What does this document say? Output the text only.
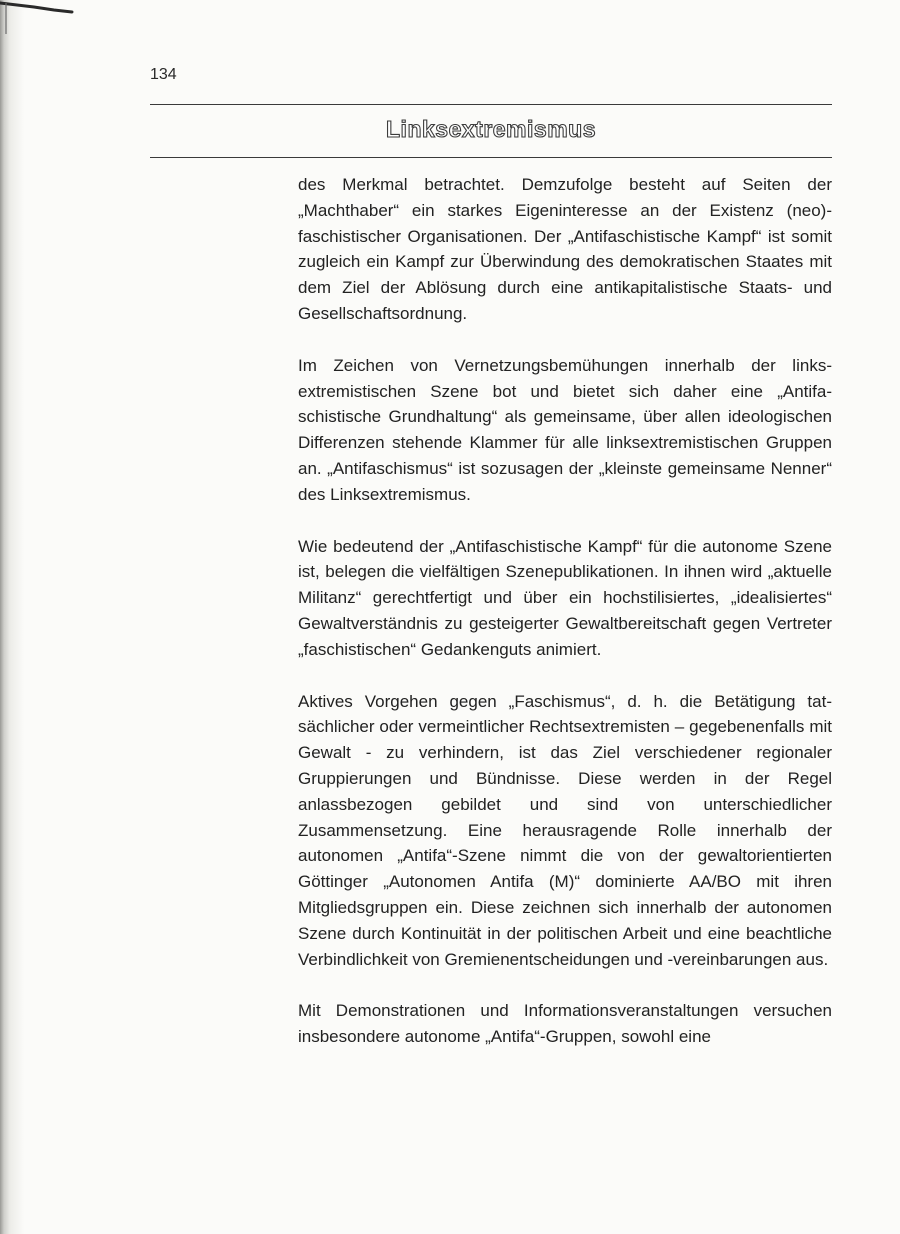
134
Linksextremismus

des Merkmal betrachtet. Demzufolge besteht auf Seiten der „Machthaber“ ein starkes Eigeninteresse an der Existenz (neo)-faschistischer Organisationen. Der „Antifaschistische Kampf“ ist somit zugleich ein Kampf zur Überwindung des demokratischen Staates mit dem Ziel der Ablösung durch eine antikapitalistische Staats- und Gesellschaftsordnung.

Im Zeichen von Vernetzungsbemühungen innerhalb der linksextremistischen Szene bot und bietet sich daher eine „Antifaschistische Grundhaltung“ als gemeinsame, über allen ideologischen Differenzen stehende Klammer für alle linksextremistischen Gruppen an. „Antifaschismus“ ist sozusagen der „kleinste gemeinsame Nenner“ des Linksextremismus.

Wie bedeutend der „Antifaschistische Kampf“ für die autonome Szene ist, belegen die vielfältigen Szenepublikationen. In ihnen wird „aktuelle Militanz“ gerechtfertigt und über ein hochstilisiertes, „idealisiertes“ Gewaltverständnis zu gesteigerter Gewaltbereitschaft gegen Vertreter „faschistischen“ Gedankenguts animiert.

Aktives Vorgehen gegen „Faschismus“, d. h. die Betätigung tatsächlicher oder vermeintlicher Rechtsextremisten – gegebenenfalls mit Gewalt - zu verhindern, ist das Ziel verschiedener regionaler Gruppierungen und Bündnisse. Diese werden in der Regel anlassbezogen gebildet und sind von unterschiedlicher Zusammensetzung. Eine herausragende Rolle innerhalb der autonomen „Antifa“-Szene nimmt die von der gewaltorientierten Göttinger „Autonomen Antifa (M)“ dominierte AA/BO mit ihren Mitgliedsgruppen ein. Diese zeichnen sich innerhalb der autonomen Szene durch Kontinuität in der politischen Arbeit und eine beachtliche Verbindlichkeit von Gremienentscheidungen und -vereinbarungen aus.

Mit Demonstrationen und Informationsveranstaltungen versuchen insbesondere autonome „Antifa“-Gruppen, sowohl eine
